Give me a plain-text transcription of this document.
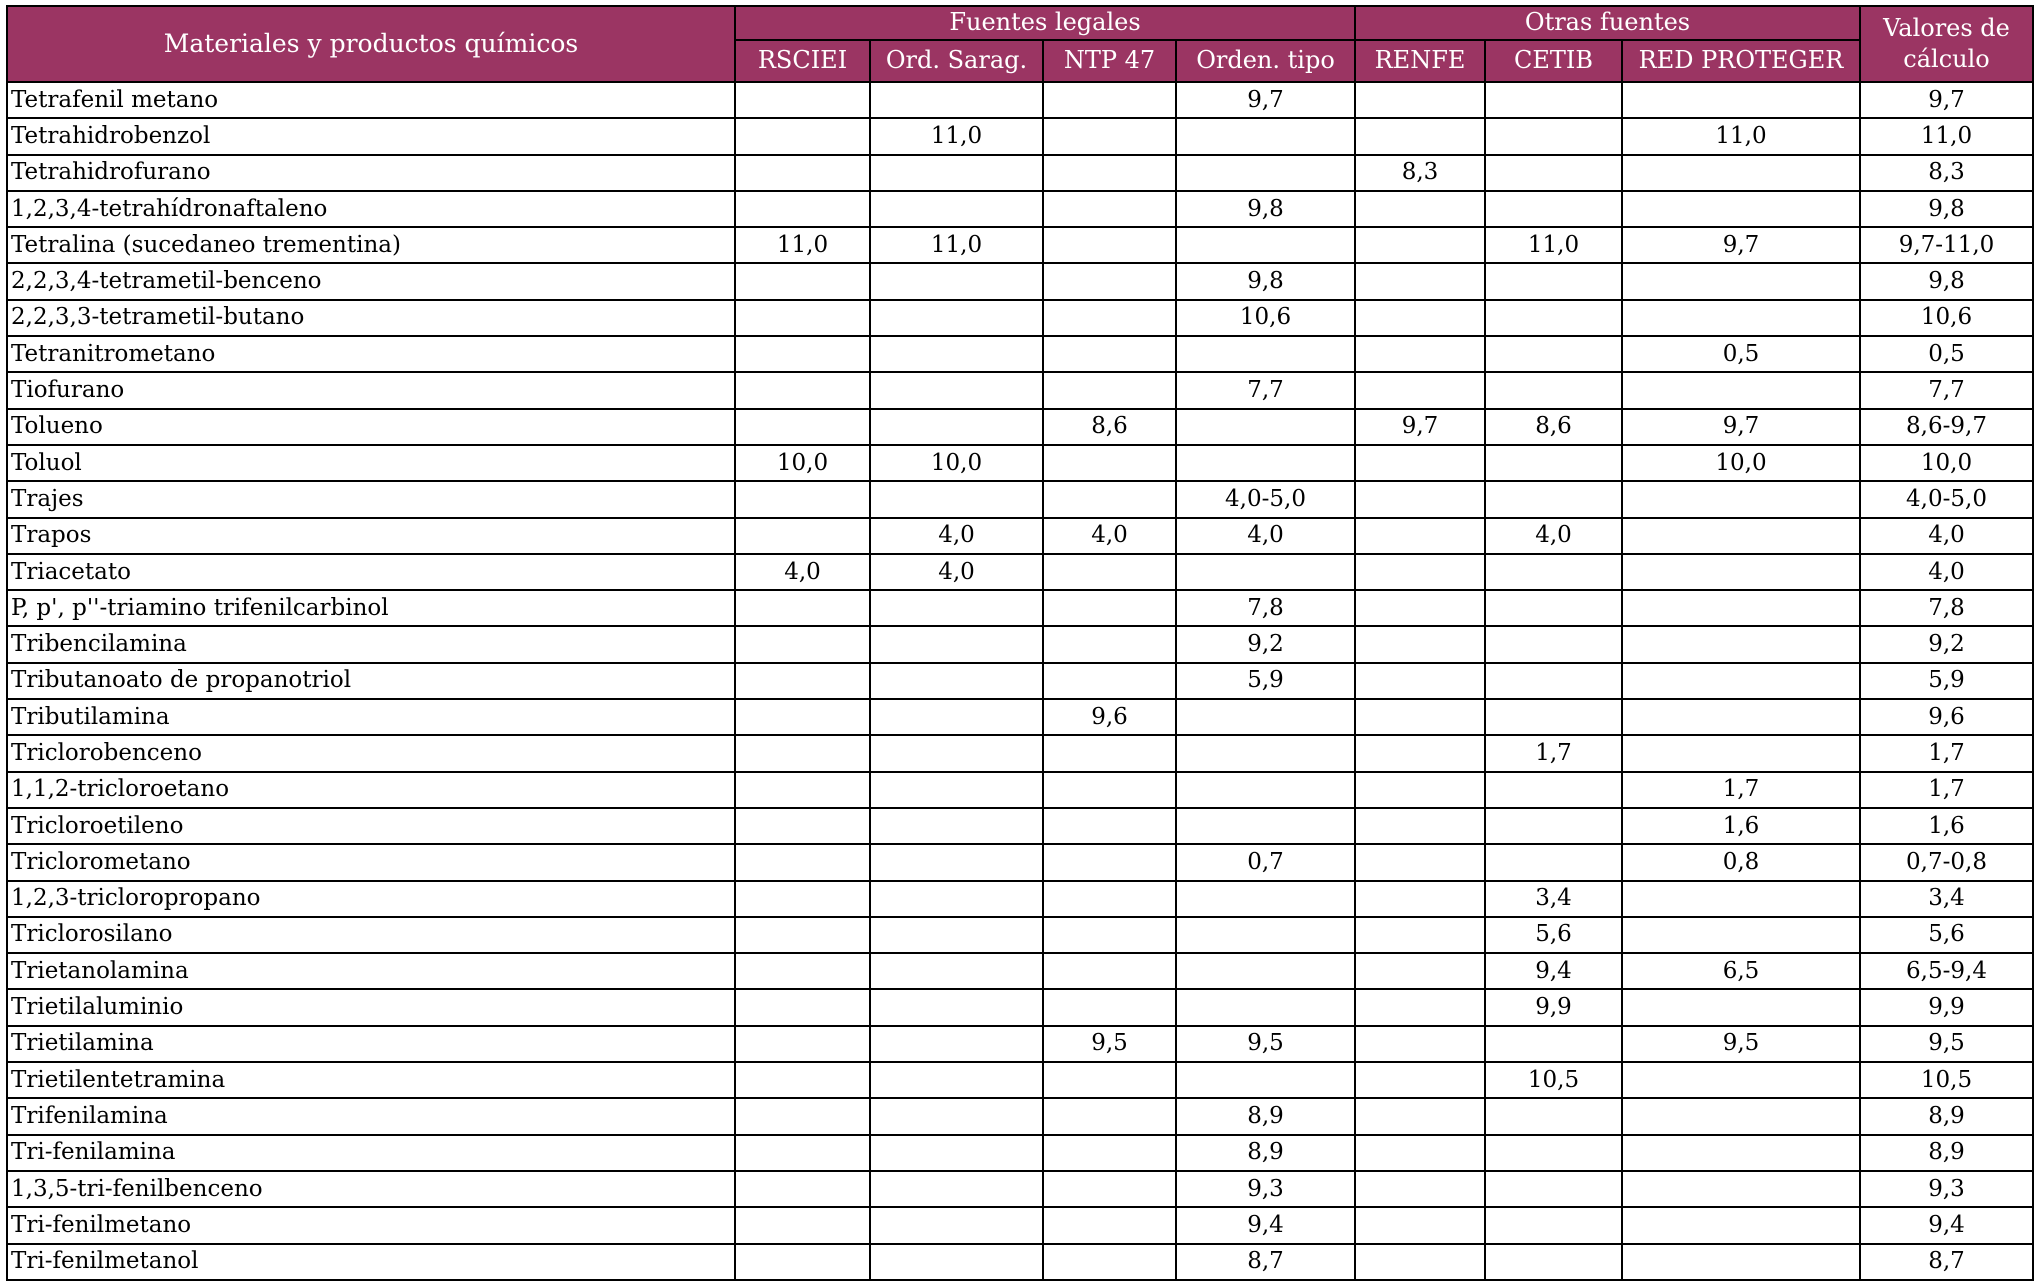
Materiales y productos químicos	Fuentes legales				Otras fuentes			Valores de cálculo
	RSCIEI	Ord. Sarag.	NTP 47	Orden. tipo	RENFE	CETIB	RED PROTEGER	
Tetrafenil metano				9,7				9,7
Tetrahidrobenzol		11,0					11,0	11,0
Tetrahidrofurano					8,3			8,3
1,2,3,4-tetrahídronaftaleno				9,8				9,8
Tetralina (sucedaneo trementina)	11,0	11,0				11,0	9,7	9,7-11,0
2,2,3,4-tetrametil-benceno				9,8				9,8
2,2,3,3-tetrametil-butano				10,6				10,6
Tetranitrometano							0,5	0,5
Tiofurano				7,7				7,7
Tolueno			8,6		9,7	8,6	9,7	8,6-9,7
Toluol	10,0	10,0					10,0	10,0
Trajes				4,0-5,0				4,0-5,0
Trapos		4,0	4,0	4,0		4,0		4,0
Triacetato	4,0	4,0						4,0
P, p', p''-triamino trifenilcarbinol				7,8				7,8
Tribencilamina				9,2				9,2
Tributanoato de propanotriol				5,9				5,9
Tributilamina			9,6					9,6
Triclorobenceno						1,7		1,7
1,1,2-tricloroetano							1,7	1,7
Tricloroetileno							1,6	1,6
Triclorometano				0,7			0,8	0,7-0,8
1,2,3-tricloropropano						3,4		3,4
Triclorosilano						5,6		5,6
Trietanolamina						9,4	6,5	6,5-9,4
Trietilaluminio						9,9		9,9
Trietilamina			9,5	9,5			9,5	9,5
Trietilentetramina						10,5		10,5
Trifenilamina				8,9				8,9
Tri-fenilamina				8,9				8,9
1,3,5-tri-fenilbenceno				9,3				9,3
Tri-fenilmetano				9,4				9,4
Tri-fenilmetanol				8,7				8,7
